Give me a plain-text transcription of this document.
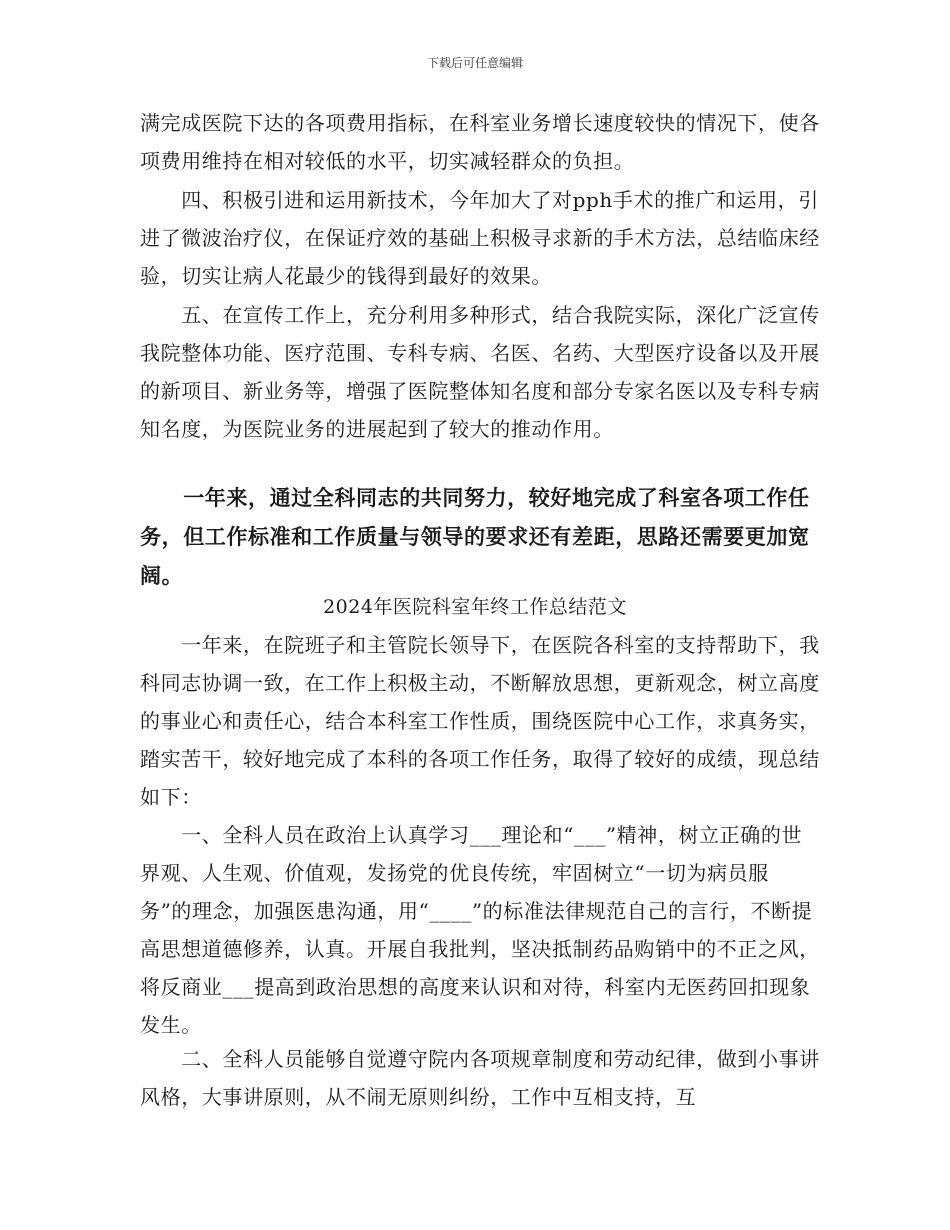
下载后可任意编辑

满完成医院下达的各项费用指标，在科室业务增长速度较快的情况下，使各项费用维持在相对较低的水平，切实减轻群众的负担。

　　四、积极引进和运用新技术，今年加大了对pph手术的推广和运用，引进了微波治疗仪，在保证疗效的基础上积极寻求新的手术方法，总结临床经验，切实让病人花最少的钱得到最好的效果。

　　五、在宣传工作上，充分利用多种形式，结合我院实际，深化广泛宣传我院整体功能、医疗范围、专科专病、名医、名药、大型医疗设备以及开展的新项目、新业务等，增强了医院整体知名度和部分专家名医以及专科专病知名度，为医院业务的进展起到了较大的推动作用。

　　一年来，通过全科同志的共同努力，较好地完成了科室各项工作任务，但工作标准和工作质量与领导的要求还有差距，思路还需要更加宽阔。

2024年医院科室年终工作总结范文

　　一年来，在院班子和主管院长领导下，在医院各科室的支持帮助下，我科同志协调一致，在工作上积极主动，不断解放思想，更新观念，树立高度的事业心和责任心，结合本科室工作性质，围绕医院中心工作，求真务实，踏实苦干，较好地完成了本科的各项工作任务，取得了较好的成绩，现总结如下：

　　一、全科人员在政治上认真学习___理论和“___”精神，树立正确的世界观、人生观、价值观，发扬党的优良传统，牢固树立“一切为病员服务”的理念，加强医患沟通，用“____”的标准法律规范自己的言行，不断提高思想道德修养，认真。开展自我批判，坚决抵制药品购销中的不正之风，将反商业___提高到政治思想的高度来认识和对待，科室内无医药回扣现象发生。

　　二、全科人员能够自觉遵守院内各项规章制度和劳动纪律，做到小事讲风格，大事讲原则，从不闹无原则纠纷，工作中互相支持，互
